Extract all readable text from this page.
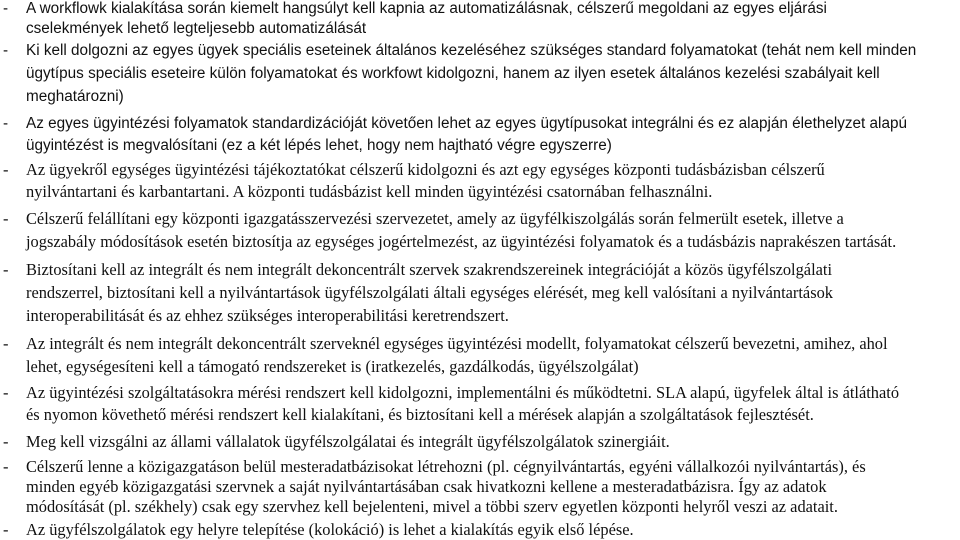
- A workflowk kialakítása során kiemelt hangsúlyt kell kapnia az automatizálásnak, célszerű megoldani az egyes eljárási
cselekmények lehető legteljesebb automatizálását
- Ki kell dolgozni az egyes ügyek speciális eseteinek általános kezeléséhez szükséges standard folyamatokat (tehát nem kell minden
ügytípus speciális eseteire külön folyamatokat és workfowt kidolgozni, hanem az ilyen esetek általános kezelési szabályait kell
meghatározni)
- Az egyes ügyintézési folyamatok standardizációját követően lehet az egyes ügytípusokat integrálni és ez alapján élethelyzet alapú
ügyintézést is megvalósítani (ez a két lépés lehet, hogy nem hajtható végre egyszerre)
- Az ügyekről egységes ügyintézési tájékoztatókat célszerű kidolgozni és azt egy egységes központi tudásbázisban célszerű
nyilvántartani és karbantartani. A központi tudásbázist kell minden ügyintézési csatornában felhasználni.
- Célszerű felállítani egy központi igazgatásszervezési szervezetet, amely az ügyfélkiszolgálás során felmerült esetek, illetve a
jogszabály módosítások esetén biztosítja az egységes jogértelmezést, az ügyintézési folyamatok és a tudásbázis naprakészen tartását.
- Biztosítani kell az integrált és nem integrált dekoncentrált szervek szakrendszereinek integrációját a közös ügyfélszolgálati
rendszerrel, biztosítani kell a nyilvántartások ügyfélszolgálati általi egységes elérését, meg kell valósítani a nyilvántartások
interoperabilitását és az ehhez szükséges interoperabilitási keretrendszert.
- Az integrált és nem integrált dekoncentrált szerveknél egységes ügyintézési modellt, folyamatokat célszerű bevezetni, amihez, ahol
lehet, egységesíteni kell a támogató rendszereket is (iratkezelés, gazdálkodás, ügyélszolgálat)
- Az ügyintézési szolgáltatásokra mérési rendszert kell kidolgozni, implementálni és működtetni. SLA alapú, ügyfelek által is átlátható
és nyomon követhető mérési rendszert kell kialakítani, és biztosítani kell a mérések alapján a szolgáltatások fejlesztését.
- Meg kell vizsgálni az állami vállalatok ügyfélszolgálatai és integrált ügyfélszolgálatok szinergiáit.
- Célszerű lenne a közigazgatáson belül mesteradatbázisokat létrehozni (pl. cégnyilvántartás, egyéni vállalkozói nyilvántartás), és
minden egyéb közigazgatási szervnek a saját nyilvántartásában csak hivatkozni kellene a mesteradatbázisra. Így az adatok
módosítását (pl. székhely) csak egy szervhez kell bejelenteni, mivel a többi szerv egyetlen központi helyről veszi az adatait.
- Az ügyfélszolgálatok egy helyre telepítése (kolokáció) is lehet a kialakítás egyik első lépése.
